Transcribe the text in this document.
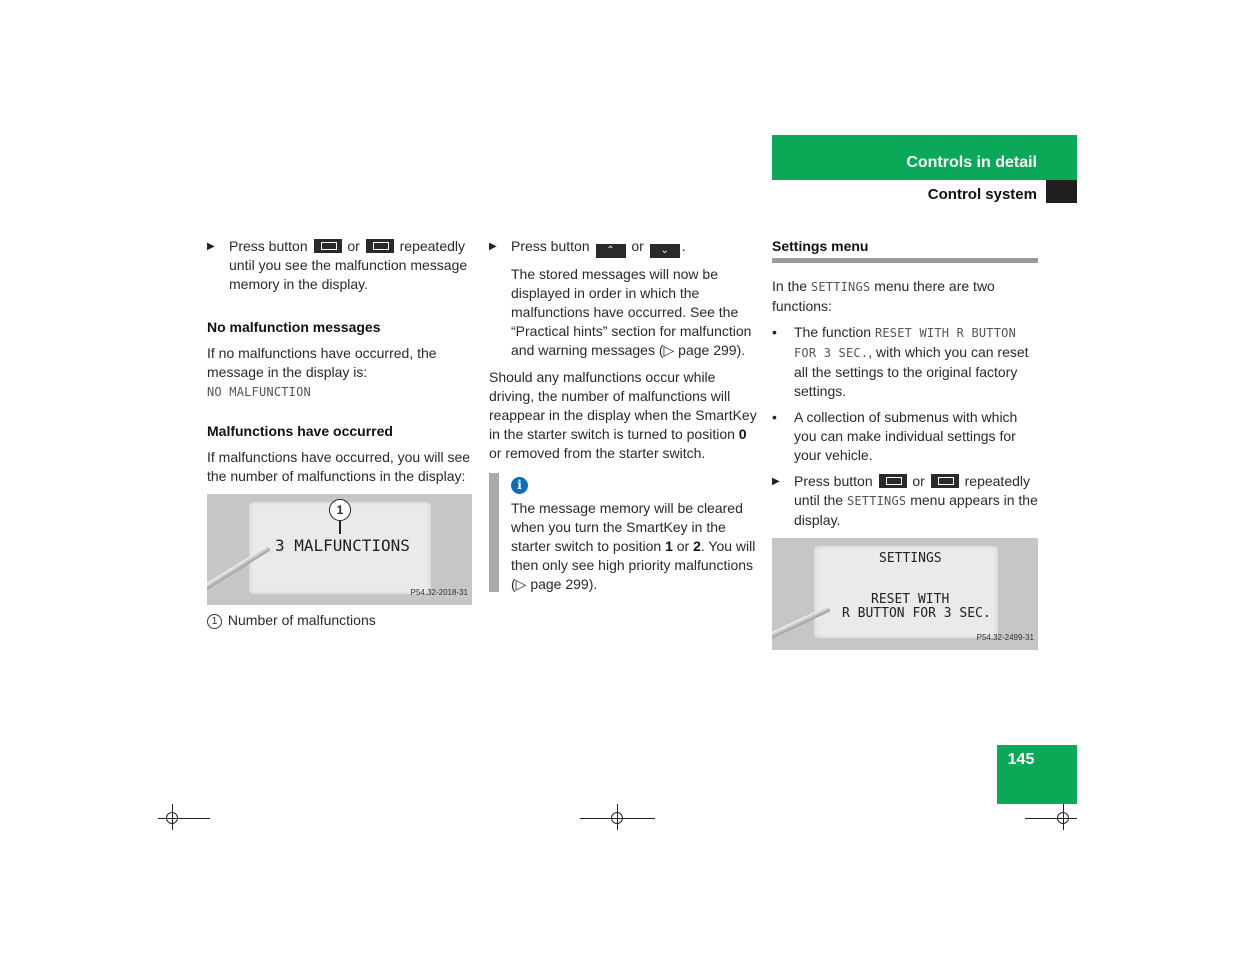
Controls in detail
Control system
▶ Press button	or	repeatedly until you see the malfunction message memory in the display.
No malfunction messages

If no malfunctions have occurred, the message in the display is:
NO MALFUNCTION

Malfunctions have occurred

If malfunctions have occurred, you will see the number of malfunctions in the display:

1
3 MALFUNCTIONS
P54.32-2018-31
1 Number of malfunctions
▶ Press button ⌃ or ⌄ .

The stored messages will now be displayed in order in which the malfunctions have occurred. See the “Practical hints” section for malfunction and warning messages (▷ page 299).

Should any malfunctions occur while driving, the number of malfunctions will reappear in the display when the SmartKey in the starter switch is turned to position 0 or removed from the starter switch.

i
The message memory will be cleared when you turn the SmartKey in the starter switch to position 1 or 2. You will then only see high priority malfunctions (▷ page 299).
Settings menu

In the SETTINGS menu there are two functions:

• The function RESET WITH R BUTTON FOR 3 SEC., with which you can reset all the settings to the original factory settings.
• A collection of submenus with which you can make individual settings for your vehicle.
▶ Press button	or	repeatedly until the SETTINGS menu appears in the display.
SETTINGS
RESET WITH
R BUTTON FOR 3 SEC.
P54.32-2499-31
145
